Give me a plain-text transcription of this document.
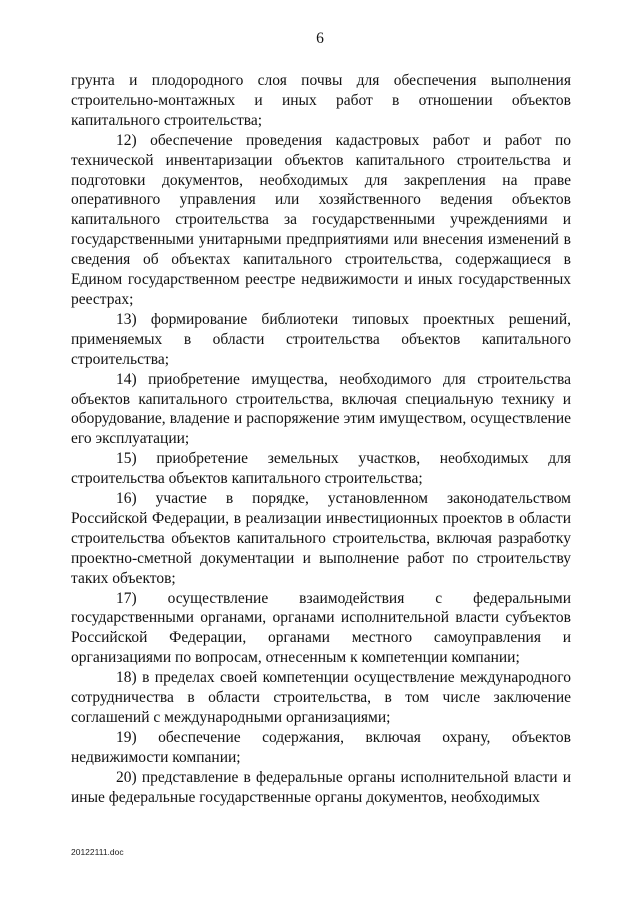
6

грунта и плодородного слоя почвы для обеспечения выполнения строительно-монтажных и иных работ в отношении объектов капитального строительства;

12) обеспечение проведения кадастровых работ и работ по технической инвентаризации объектов капитального строительства и подготовки документов, необходимых для закрепления на праве оперативного управления или хозяйственного ведения объектов капитального строительства за государственными учреждениями и государственными унитарными предприятиями или внесения изменений в сведения об объектах капитального строительства, содержащиеся в Едином государственном реестре недвижимости и иных государственных реестрах;

13) формирование библиотеки типовых проектных решений, применяемых в области строительства объектов капитального строительства;

14) приобретение имущества, необходимого для строительства объектов капитального строительства, включая специальную технику и оборудование, владение и распоряжение этим имуществом, осуществление его эксплуатации;

15) приобретение земельных участков, необходимых для строительства объектов капитального строительства;

16) участие в порядке, установленном законодательством Российской Федерации, в реализации инвестиционных проектов в области строительства объектов капитального строительства, включая разработку проектно-сметной документации и выполнение работ по строительству таких объектов;

17) осуществление взаимодействия с федеральными государственными органами, органами исполнительной власти субъектов Российской Федерации, органами местного самоуправления и организациями по вопросам, отнесенным к компетенции компании;

18) в пределах своей компетенции осуществление международного сотрудничества в области строительства, в том числе заключение соглашений с международными организациями;

19) обеспечение содержания, включая охрану, объектов недвижимости компании;

20) представление в федеральные органы исполнительной власти и иные федеральные государственные органы документов, необходимых

20122111.doc
